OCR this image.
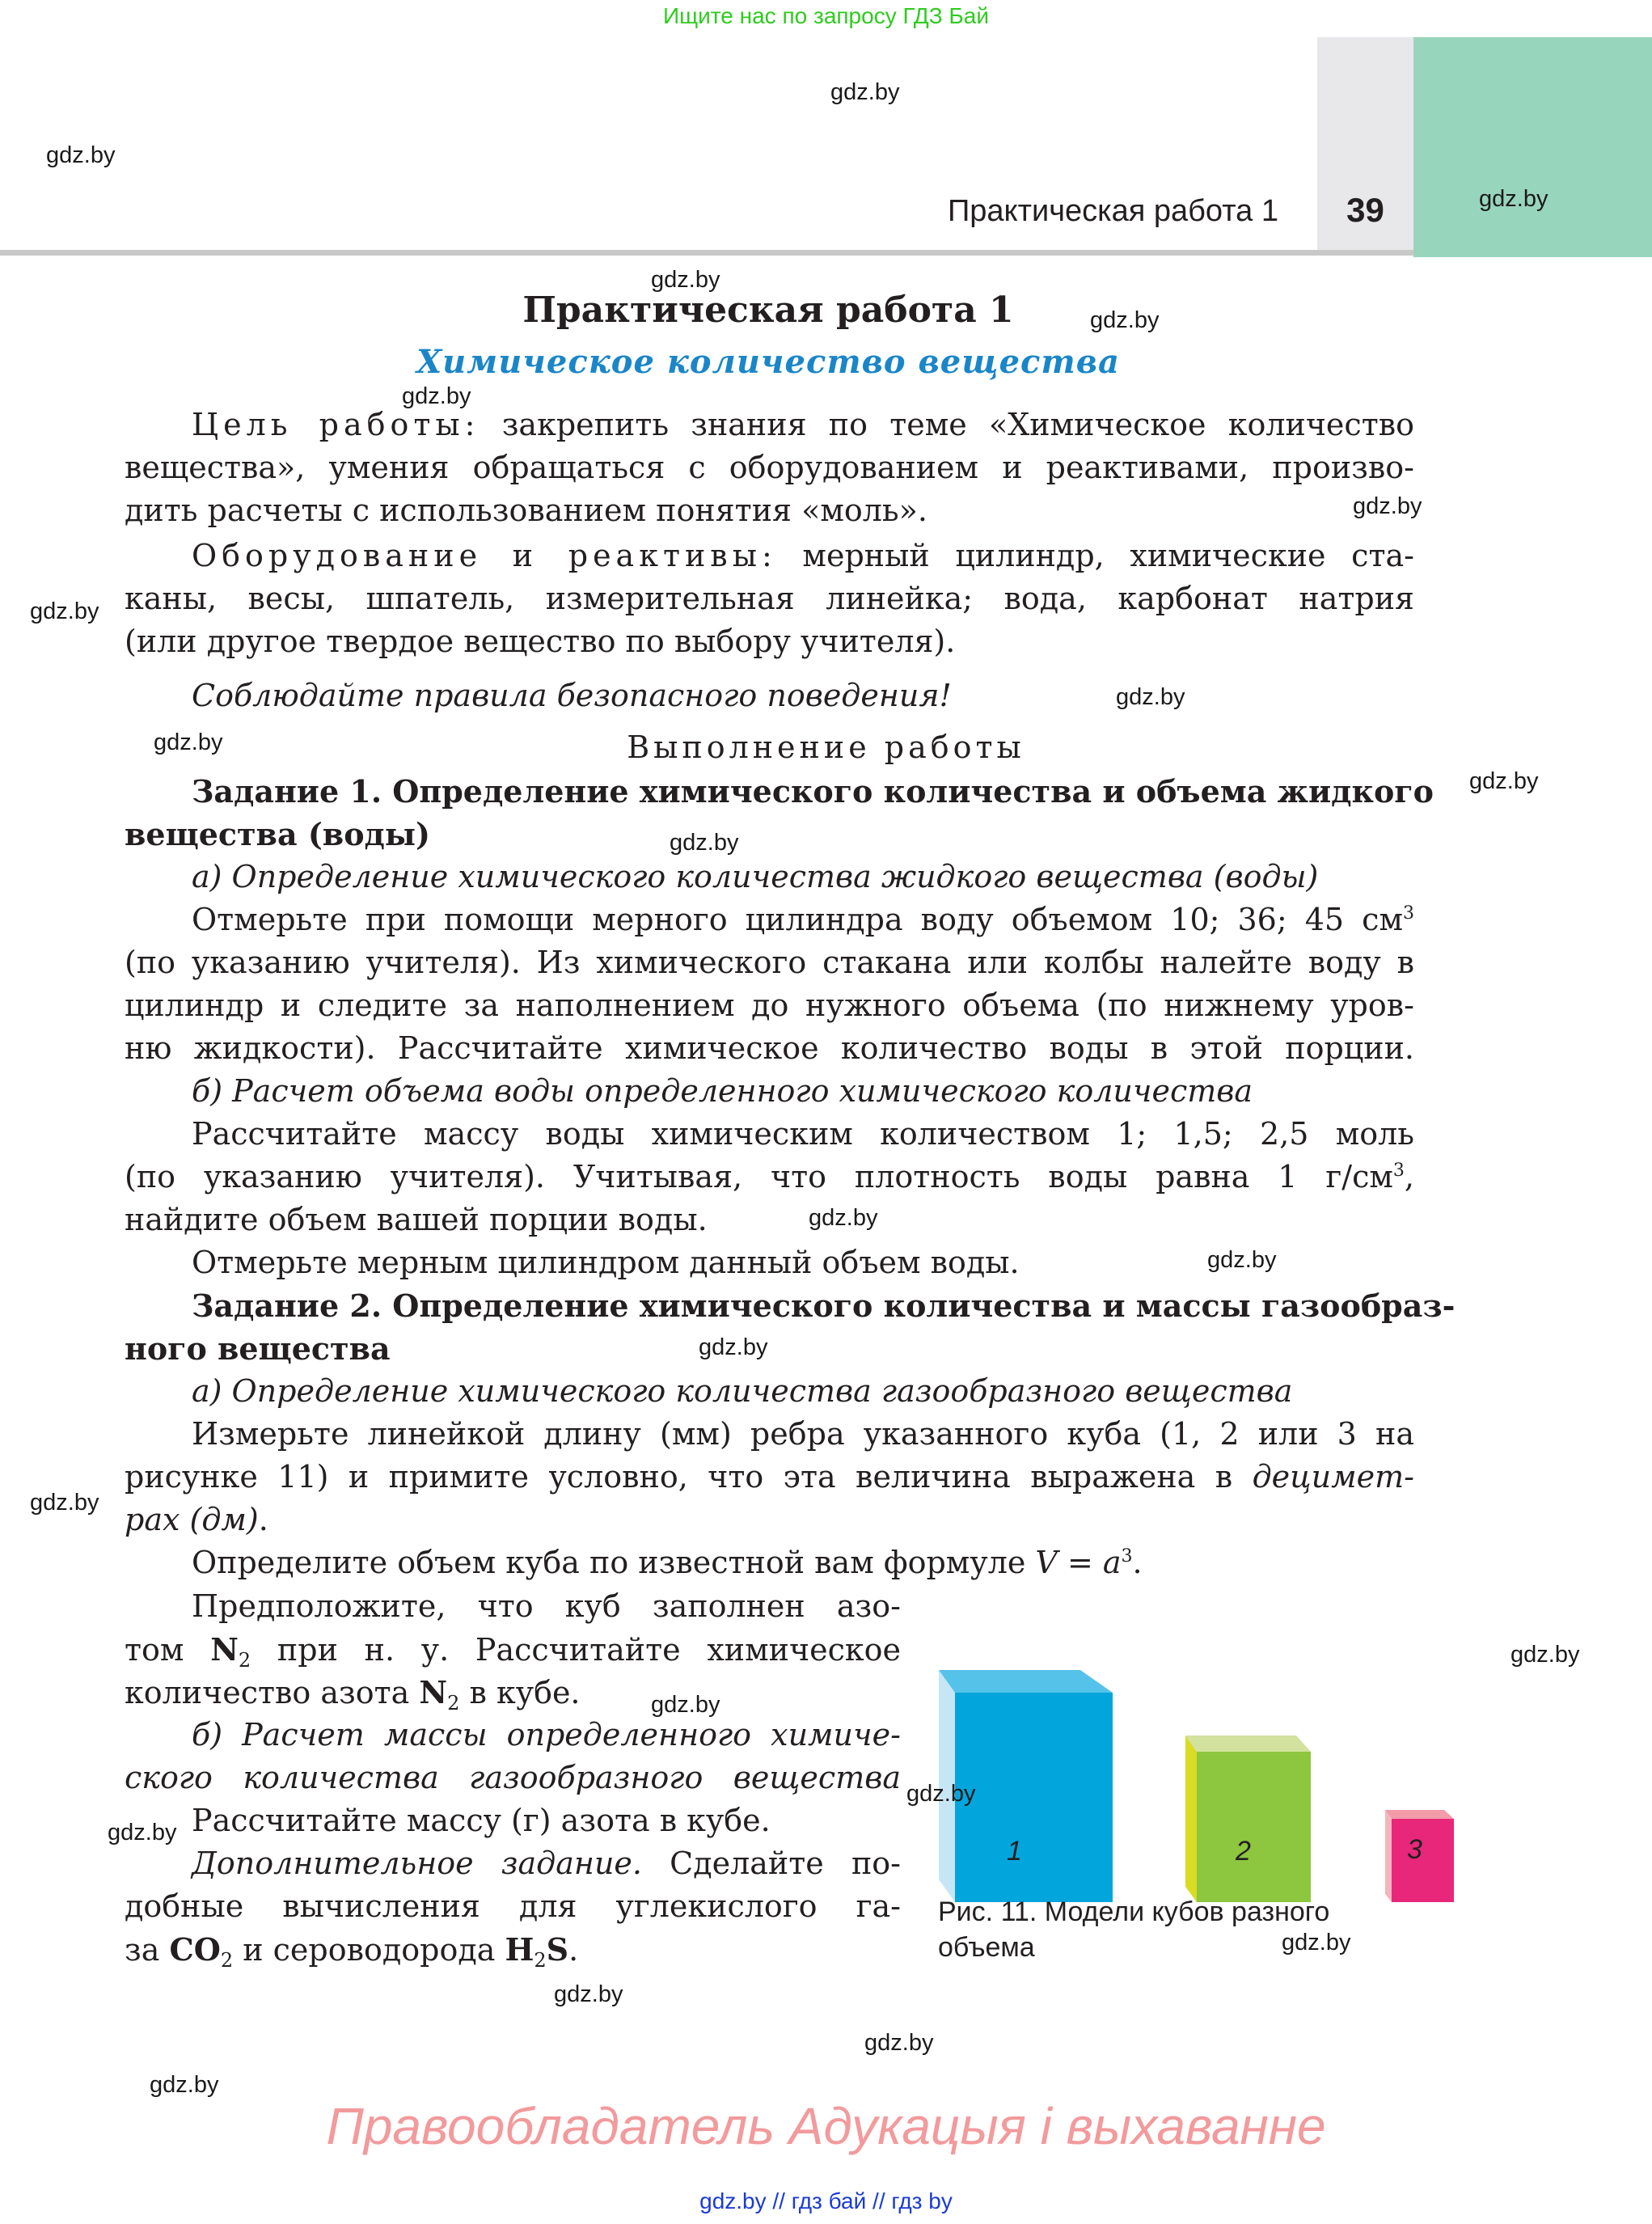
Ищите нас по запросу ГДЗ Бай
Практическая работа 1	39
Практическая работа 1
Химическое количество вещества
Цель работы: закрепить знания по теме «Химическое количество
вещества», умения обращаться с оборудованием и реактивами, произво-
дить расчеты с использованием понятия «моль».
Оборудование и реактивы: мерный цилиндр, химические ста-
каны, весы, шпатель, измерительная линейка; вода, карбонат натрия
(или другое твердое вещество по выбору учителя).
Соблюдайте правила безопасного поведения!
Выполнение работы
Задание 1. Определение химического количества и объема жидкого
вещества (воды)
а) Определение химического количества жидкого вещества (воды)
Отмерьте при помощи мерного цилиндра воду объемом 10; 36; 45 $см^3$
(по указанию учителя). Из химического стакана или колбы налейте воду в
цилиндр и следите за наполнением до нужного объема (по нижнему уров-
ню жидкости). Рассчитайте химическое количество воды в этой порции.
б) Расчет объема воды определенного химического количества
Рассчитайте массу воды химическим количеством 1; 1,5; 2,5 моль
(по указанию учителя). Учитывая, что плотность воды равна 1 $г/см^3$,
найдите объем вашей порции воды.
Отмерьте мерным цилиндром данный объем воды.
Задание 2. Определение химического количества и массы газообраз-
ного вещества
а) Определение химического количества газообразного вещества
Измерьте линейкой длину (мм) ребра указанного куба (1, 2 или 3 на
рисунке 11) и примите условно, что эта величина выражена в децимет-
рах (дм).
Определите объем куба по известной вам формуле $V = a^3$.
Предположите, что куб заполнен азо-
том $N_2$ при н. у. Рассчитайте химическое
количество азота $N_2$ в кубе.
б) Расчет массы определенного химиче-
ского количества газообразного вещества
Рассчитайте массу (г) азота в кубе.
Дополнительное задание. Сделайте по-
добные вычисления для углекислого га-
за $CO_2$ и сероводорода $H_2S$.
1	2	3
Рис. 11. Модели кубов разного
объема
gdz.by
gdz.by
gdz.by
gdz.by
gdz.by
gdz.by
gdz.by
gdz.by
gdz.by
gdz.by
gdz.by
gdz.by
gdz.by
gdz.by
gdz.by
gdz.by
gdz.by
gdz.by
gdz.by
gdz.by
gdz.by
gdz.by
gdz.by
gdz.by
Правообладатель Адукацыя і выхаванне
gdz.by // гдз бай // гдз by
